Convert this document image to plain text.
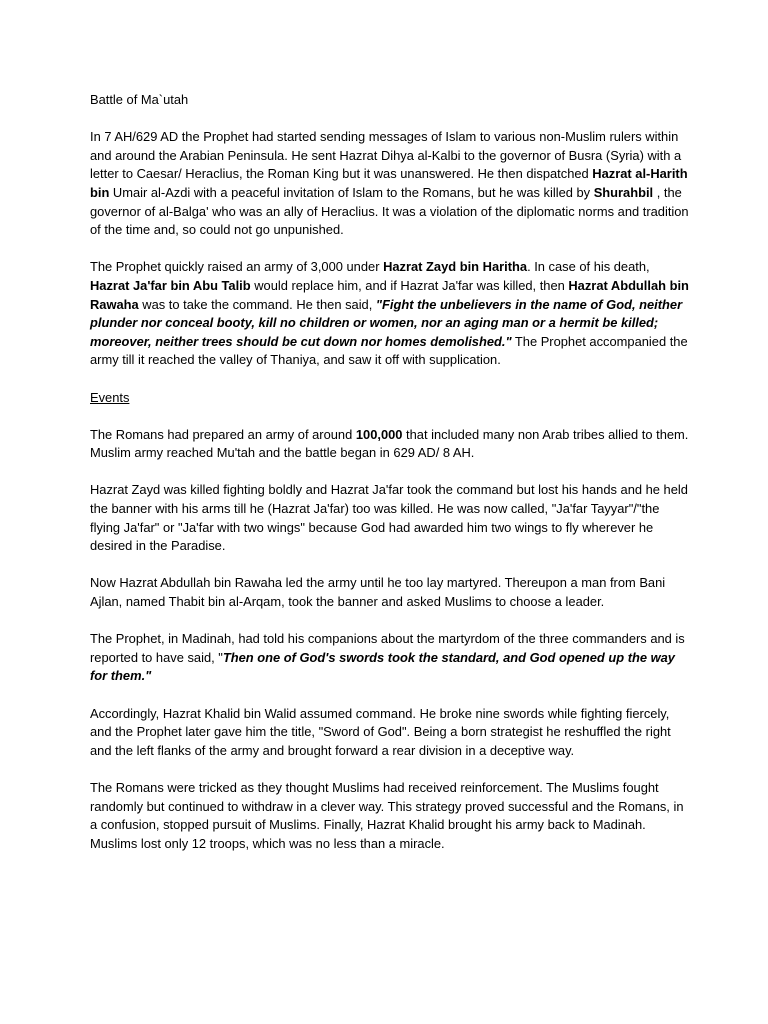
Battle of Ma`utah

In 7 AH/629 AD the Prophet had started sending messages of Islam to various non-Muslim rulers within and around the Arabian Peninsula. He sent Hazrat Dihya al-Kalbi to the governor of Busra (Syria) with a letter to Caesar/ Heraclius, the Roman King but it was unanswered. He then dispatched Hazrat al-Harith bin Umair al-Azdi with a peaceful invitation of Islam to the Romans, but he was killed by Shurahbil , the governor of al-Balga' who was an ally of Heraclius. It was a violation of the diplomatic norms and tradition of the time and, so could not go unpunished.

The Prophet quickly raised an army of 3,000 under Hazrat Zayd bin Haritha. In case of his death, Hazrat Ja'far bin Abu Talib would replace him, and if Hazrat Ja'far was killed, then Hazrat Abdullah bin Rawaha was to take the command. He then said, "Fight the unbelievers in the name of God, neither plunder nor conceal booty, kill no children or women, nor an aging man or a hermit be killed; moreover, neither trees should be cut down nor homes demolished." The Prophet accompanied the army till it reached the valley of Thaniya, and saw it off with supplication.

Events

The Romans had prepared an army of around 100,000 that included many non Arab tribes allied to them. Muslim army reached Mu'tah and the battle began in 629 AD/ 8 AH.

Hazrat Zayd was killed fighting boldly and Hazrat Ja'far took the command but lost his hands and he held the banner with his arms till he (Hazrat Ja'far) too was killed. He was now called, "Ja'far Tayyar"/"the flying Ja'far" or "Ja'far with two wings" because God had awarded him two wings to fly wherever he desired in the Paradise.

Now Hazrat Abdullah bin Rawaha led the army until he too lay martyred. Thereupon a man from Bani Ajlan, named Thabit bin al-Arqam, took the banner and asked Muslims to choose a leader.

The Prophet, in Madinah, had told his companions about the martyrdom of the three commanders and is reported to have said, "Then one of God's swords took the standard, and God opened up the way for them."

Accordingly, Hazrat Khalid bin Walid assumed command. He broke nine swords while fighting fiercely, and the Prophet later gave him the title, "Sword of God". Being a born strategist he reshuffled the right and the left flanks of the army and brought forward a rear division in a deceptive way.

The Romans were tricked as they thought Muslims had received reinforcement. The Muslims fought randomly but continued to withdraw in a clever way. This strategy proved successful and the Romans, in a confusion, stopped pursuit of Muslims. Finally, Hazrat Khalid brought his army back to Madinah. Muslims lost only 12 troops, which was no less than a miracle.
